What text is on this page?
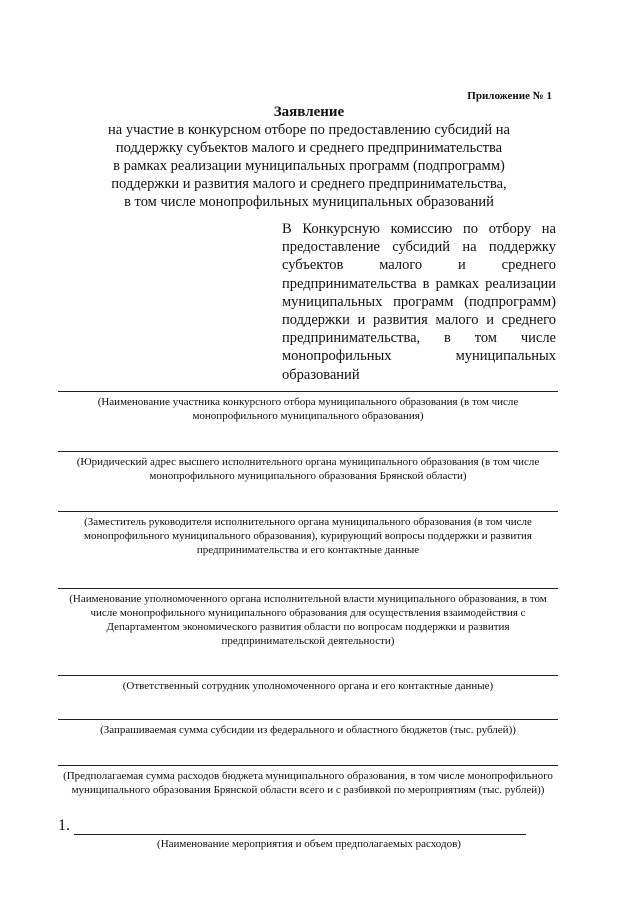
Приложение № 1
Заявление
на участие в конкурсном отборе по предоставлению субсидий на
поддержку субъектов малого и среднего предпринимательства
в рамках реализации муниципальных программ (подпрограмм)
поддержки и развития малого и среднего предпринимательства,
в том числе монопрофильных муниципальных образований
В Конкурсную комиссию по отбору на предоставление субсидий на поддержку субъектов малого и среднего предпринимательства в рамках реализации муниципальных программ (подпрограмм) поддержки и развития малого и среднего предпринимательства, в том числе монопрофильных муниципальных образований
(Наименование участника конкурсного отбора муниципального образования (в том числе монопрофильного муниципального образования)
(Юридический адрес высшего исполнительного органа муниципального образования (в том числе монопрофильного муниципального образования Брянской области)
(Заместитель руководителя исполнительного органа муниципального образования (в том числе монопрофильного муниципального образования), курирующий вопросы поддержки и развития предпринимательства и его контактные данные
(Наименование уполномоченного органа исполнительной власти муниципального образования, в том числе монопрофильного муниципального образования для осуществления взаимодействия с Департаментом экономического развития области по вопросам поддержки и развития предпринимательской деятельности)
(Ответственный сотрудник уполномоченного органа и его контактные данные)
(Запрашиваемая сумма субсидии из федерального и областного бюджетов (тыс. рублей))
(Предполагаемая сумма расходов бюджета муниципального образования, в том числе монопрофильного муниципального образования Брянской области всего и с разбивкой по мероприятиям (тыс. рублей))
1.
(Наименование мероприятия и объем предполагаемых расходов)
